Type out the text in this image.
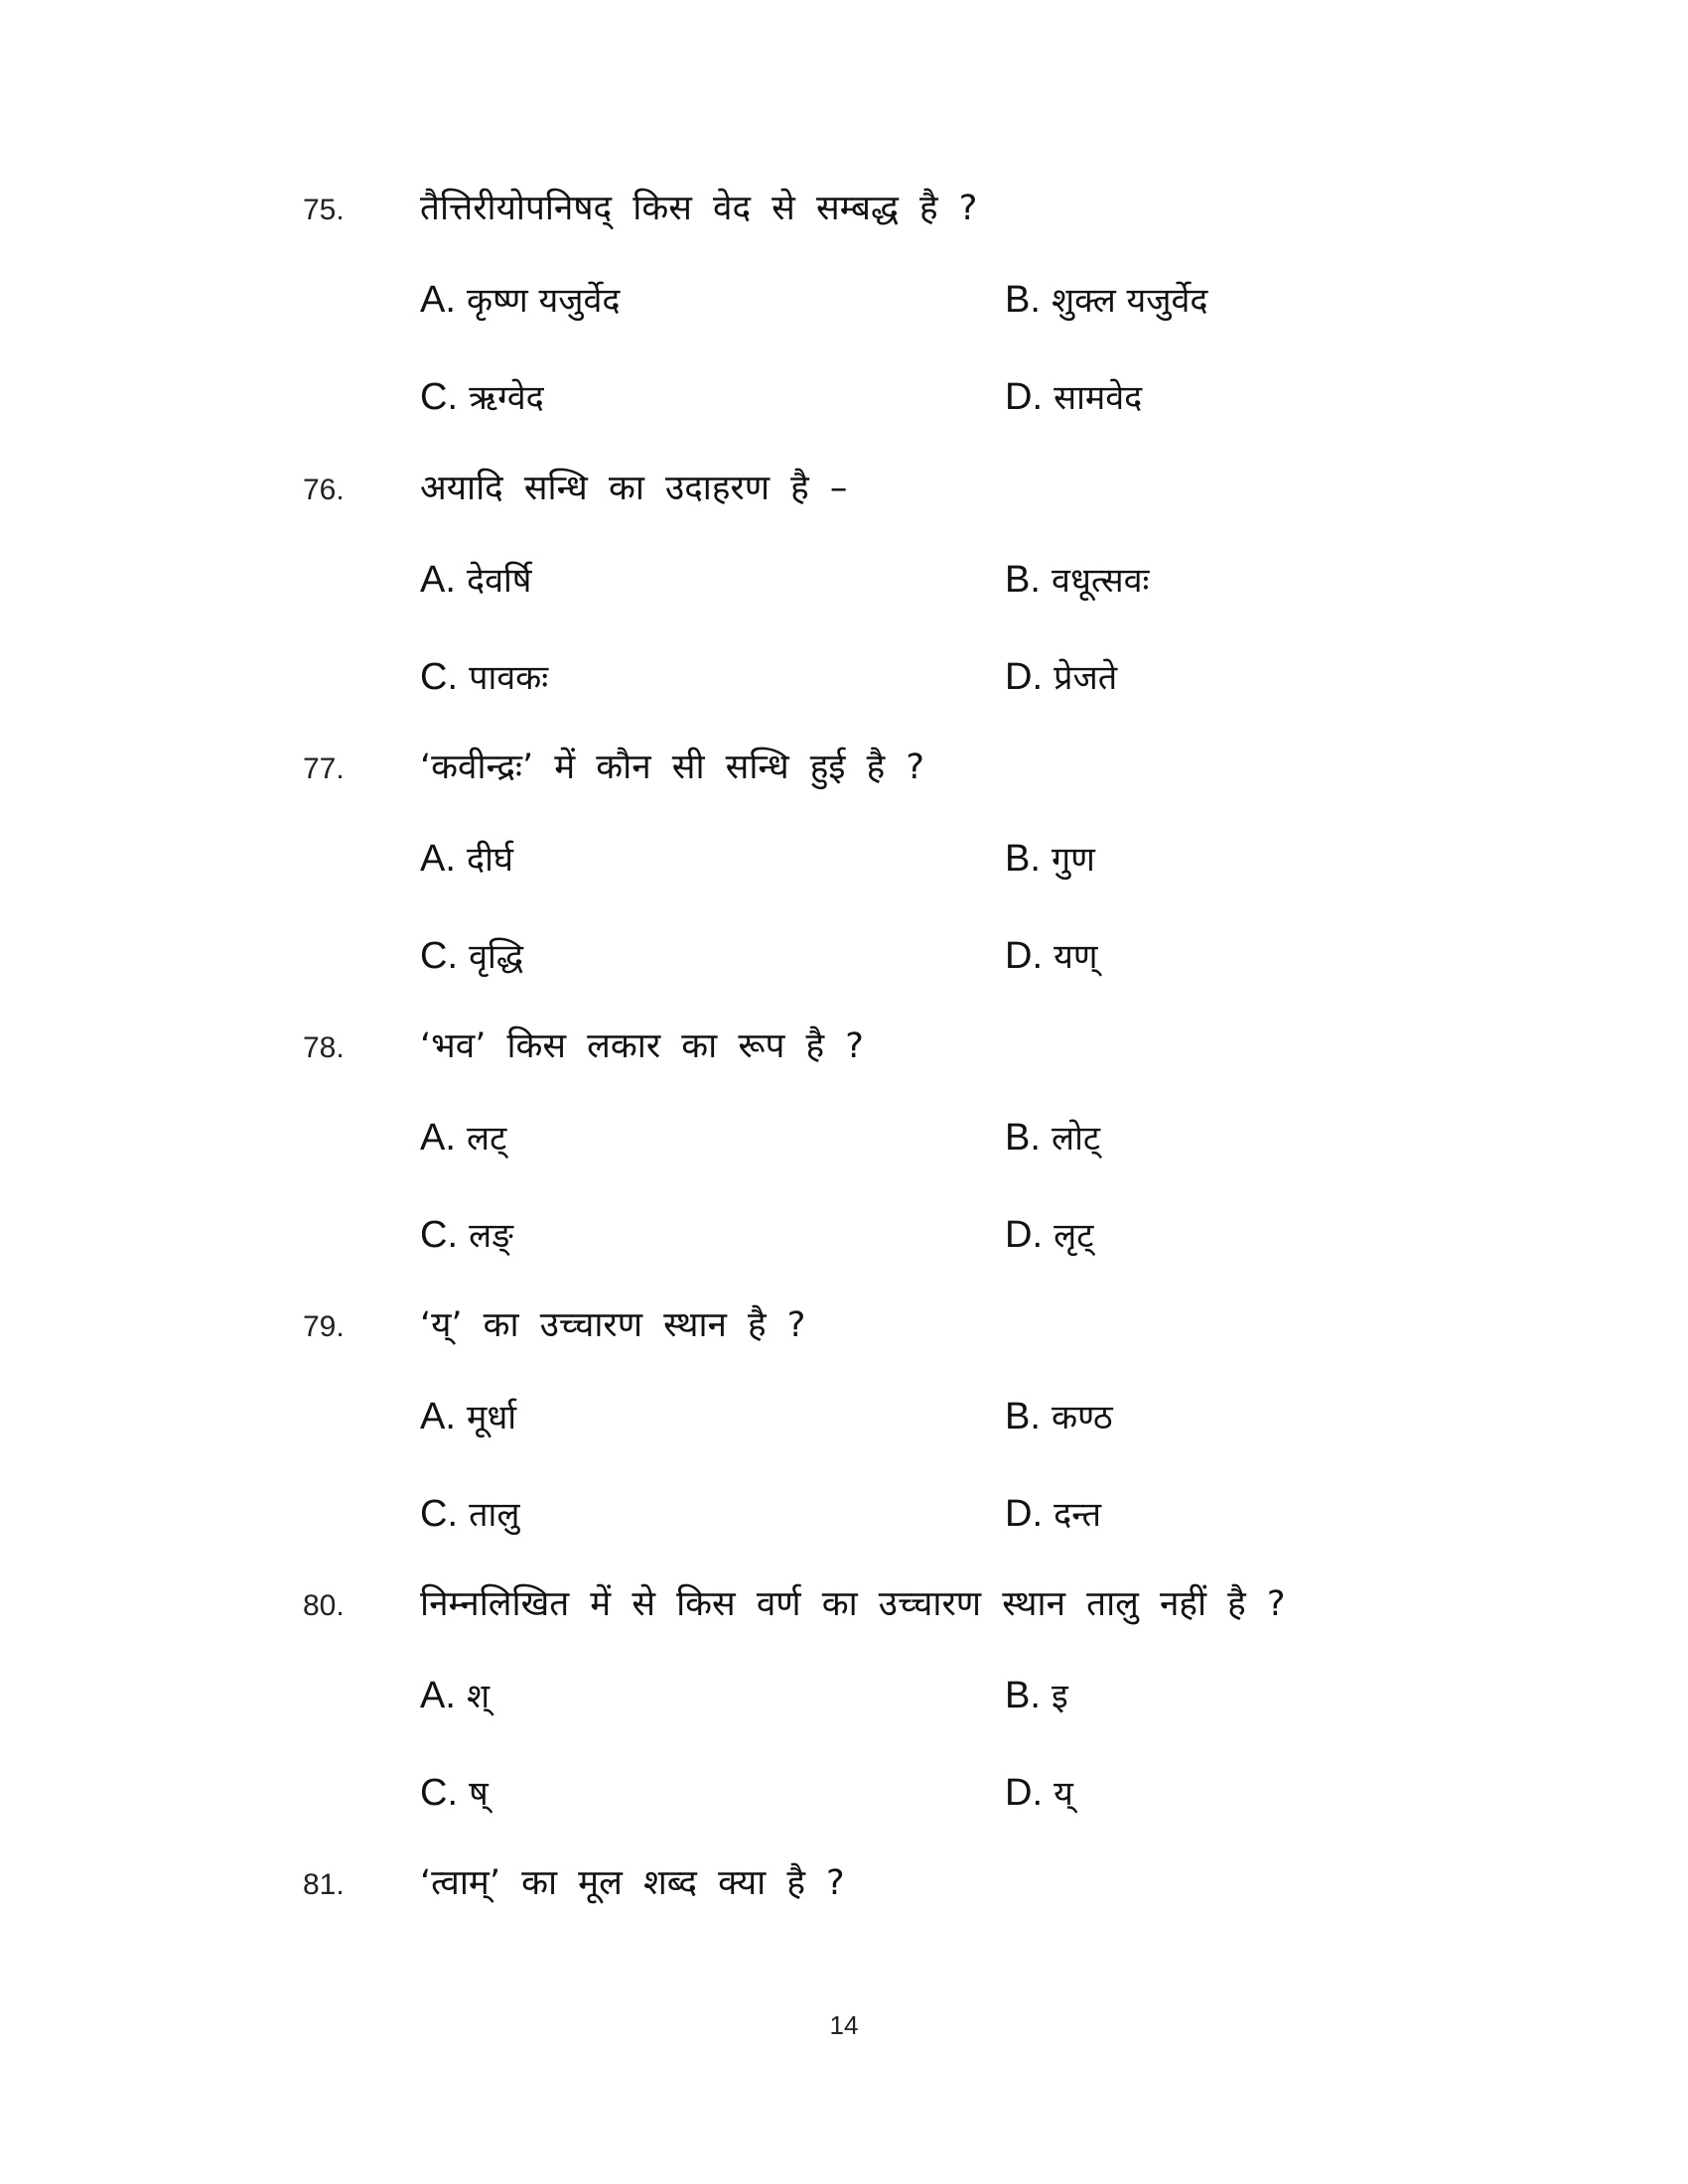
75. तैत्तिरीयोपनिषद् किस वेद से सम्बद्ध है ?
A. कृष्ण यजुर्वेद	B. शुक्ल यजुर्वेद
C. ऋग्वेद	D. सामवेद
76. अयादि सन्धि का उदाहरण है –
A. देवर्षि	B. वधूत्सवः
C. पावकः	D. प्रेजते
77. ‘कवीन्द्रः’ में कौन सी सन्धि हुई है ?
A. दीर्घ	B. गुण
C. वृद्धि	D. यण्
78. ‘भव’ किस लकार का रूप है ?
A. लट्	B. लोट्
C. लङ्	D. लृट्
79. ‘य्’ का उच्चारण स्थान है ?
A. मूर्धा	B. कण्ठ
C. तालु	D. दन्त
80. निम्नलिखित में से किस वर्ण का उच्चारण स्थान तालु नहीं है ?
A. श्	B. इ
C. ष्	D. य्
81. ‘त्वाम्’ का मूल शब्द क्या है ?
14
